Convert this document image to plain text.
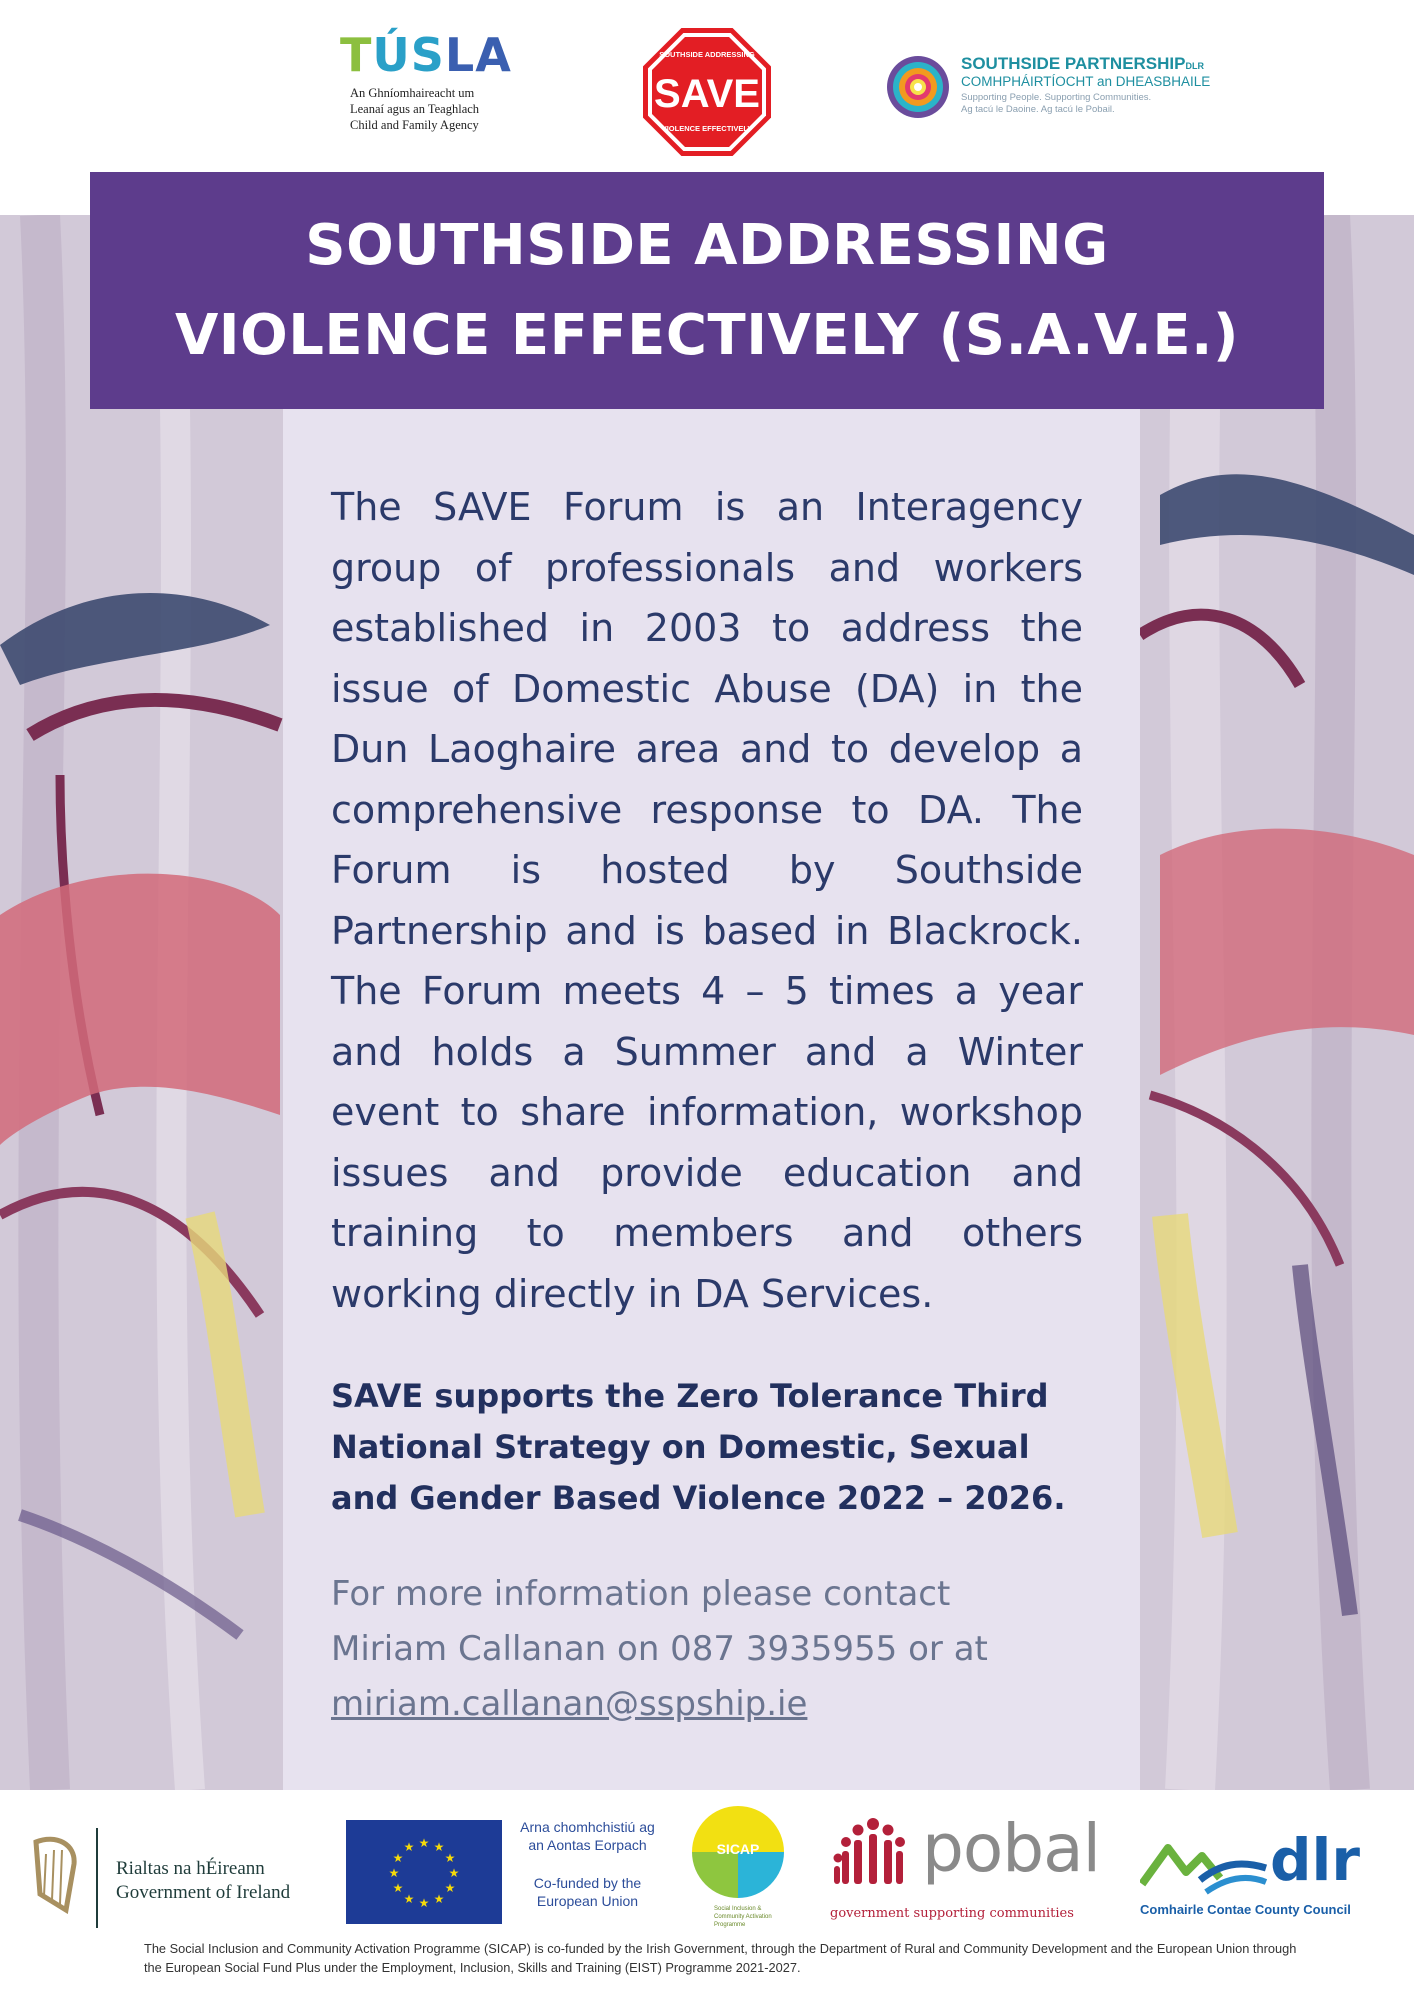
TÚSLA
An Ghníomhaireacht um
Leanaí agus an Teaghlach
Child and Family Agency
SOUTHSIDE ADDRESSING
SAVE
VIOLENCE EFFECTIVELY
SOUTHSIDE PARTNERSHIPDLR
COMHPHÁIRTÍOCHT an DHEASBHAILE
Supporting People. Supporting Communities.
Ag tacú le Daoine. Ag tacú le Pobail.
SOUTHSIDE ADDRESSING
VIOLENCE EFFECTIVELY (S.A.V.E.)

The SAVE Forum is an Interagency group of professionals and workers established in 2003 to address the issue of Domestic Abuse (DA) in the Dun Laoghaire area and to develop a comprehensive response to DA. The Forum is hosted by Southside Partnership and is based in Blackrock. The Forum meets 4 – 5 times a year and holds a Summer and a Winter event to share information, workshop issues and provide education and training to members and others working directly in DA Services.

SAVE supports the Zero Tolerance Third
National Strategy on Domestic, Sexual
and Gender Based Violence 2022 – 2026.
For more information please contact
Miriam Callanan on 087 3935955 or at
miriam.callanan@sspship.ie
Rialtas na hÉireann
Government of Ireland
★ ★
★
★
★
★
★
★
★
★
★
★
Arna chomhchistiú ag
an Aontas Eorpach
Co-funded by the
European Union
SICAP
Social Inclusion &
Community Activation
Programme
pobal
government supporting communities
dlr
Comhairle Contae County Council
The Social Inclusion and Community Activation Programme (SICAP) is co-funded by the Irish Government, through the Department of Rural and Community Development and the European Union through the European Social Fund Plus under the Employment, Inclusion, Skills and Training (EIST) Programme 2021-2027.
